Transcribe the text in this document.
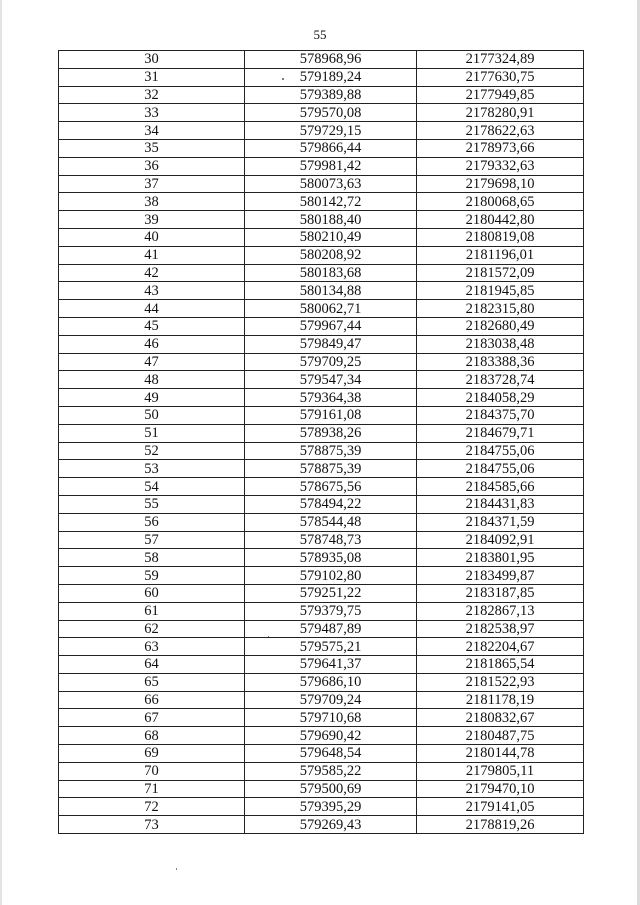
55
30	578968,96	2177324,89
31	579189,24	2177630,75
32	579389,88	2177949,85
33	579570,08	2178280,91
34	579729,15	2178622,63
35	579866,44	2178973,66
36	579981,42	2179332,63
37	580073,63	2179698,10
38	580142,72	2180068,65
39	580188,40	2180442,80
40	580210,49	2180819,08
41	580208,92	2181196,01
42	580183,68	2181572,09
43	580134,88	2181945,85
44	580062,71	2182315,80
45	579967,44	2182680,49
46	579849,47	2183038,48
47	579709,25	2183388,36
48	579547,34	2183728,74
49	579364,38	2184058,29
50	579161,08	2184375,70
51	578938,26	2184679,71
52	578875,39	2184755,06
53	578875,39	2184755,06
54	578675,56	2184585,66
55	578494,22	2184431,83
56	578544,48	2184371,59
57	578748,73	2184092,91
58	578935,08	2183801,95
59	579102,80	2183499,87
60	579251,22	2183187,85
61	579379,75	2182867,13
62	579487,89	2182538,97
63	579575,21	2182204,67
64	579641,37	2181865,54
65	579686,10	2181522,93
66	579709,24	2181178,19
67	579710,68	2180832,67
68	579690,42	2180487,75
69	579648,54	2180144,78
70	579585,22	2179805,11
71	579500,69	2179470,10
72	579395,29	2179141,05
73	579269,43	2178819,26
